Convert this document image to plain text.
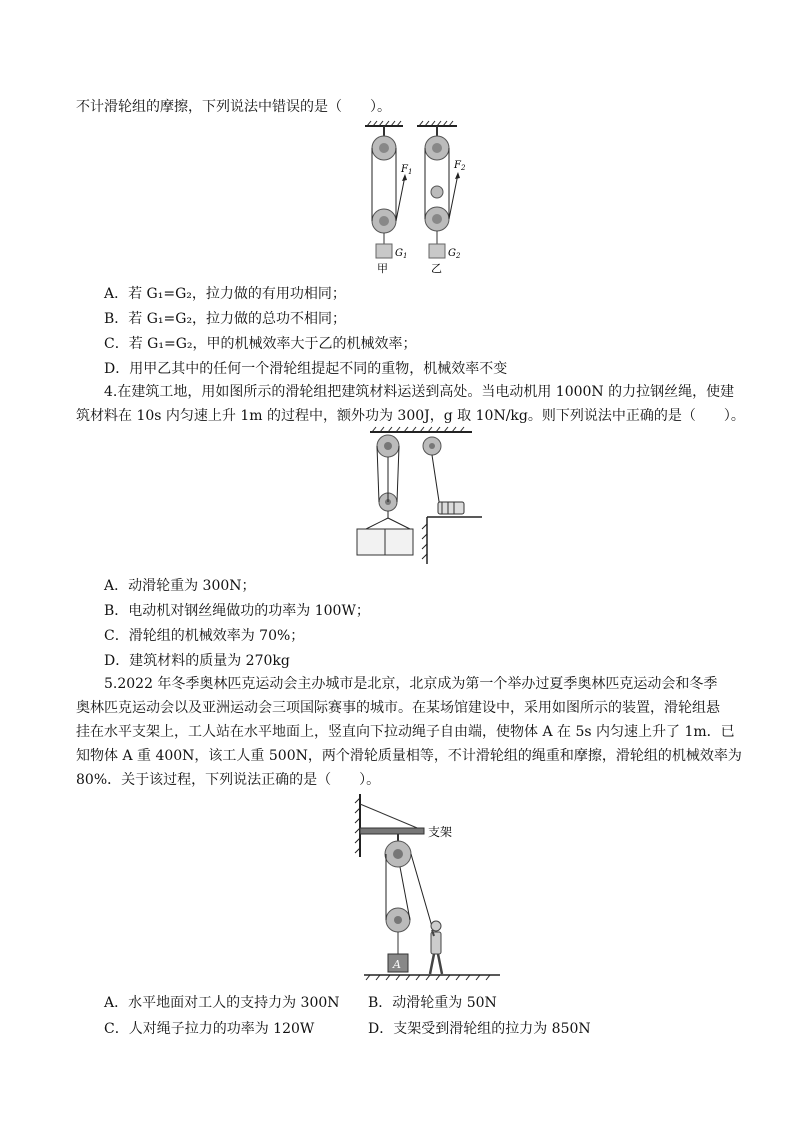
不计滑轮组的摩擦，下列说法中错误的是（　　）。
$F_1$
$G_1$
甲
$F_2$
$G_2$
乙
A．若 G₁=G₂，拉力做的有用功相同；
B．若 G₁=G₂，拉力做的总功不相同；
C．若 G₁=G₂，甲的机械效率大于乙的机械效率；
D．用甲乙其中的任何一个滑轮组提起不同的重物，机械效率不变
4.在建筑工地，用如图所示的滑轮组把建筑材料运送到高处。当电动机用 1000N 的力拉钢丝绳，使建
筑材料在 10s 内匀速上升 1m 的过程中，额外功为 300J，g 取 10N/kg。则下列说法中正确的是（　　）。
A．动滑轮重为 300N；
B．电动机对钢丝绳做功的功率为 100W；
C．滑轮组的机械效率为 70%；
D．建筑材料的质量为 270kg
5.2022 年冬季奥林匹克运动会主办城市是北京，北京成为第一个举办过夏季奥林匹克运动会和冬季
奥林匹克运动会以及亚洲运动会三项国际赛事的城市。在某场馆建设中，采用如图所示的装置，滑轮组悬
挂在水平支架上，工人站在水平地面上，竖直向下拉动绳子自由端，使物体 A 在 5s 内匀速上升了 1m．已
知物体 A 重 400N，该工人重 500N，两个滑轮质量相等，不计滑轮组的绳重和摩擦，滑轮组的机械效率为
80%．关于该过程，下列说法正确的是（　　）。
支架
A
A．水平地面对工人的支持力为 300N B．动滑轮重为 50N
C．人对绳子拉力的功率为 120W	D．支架受到滑轮组的拉力为 850N
